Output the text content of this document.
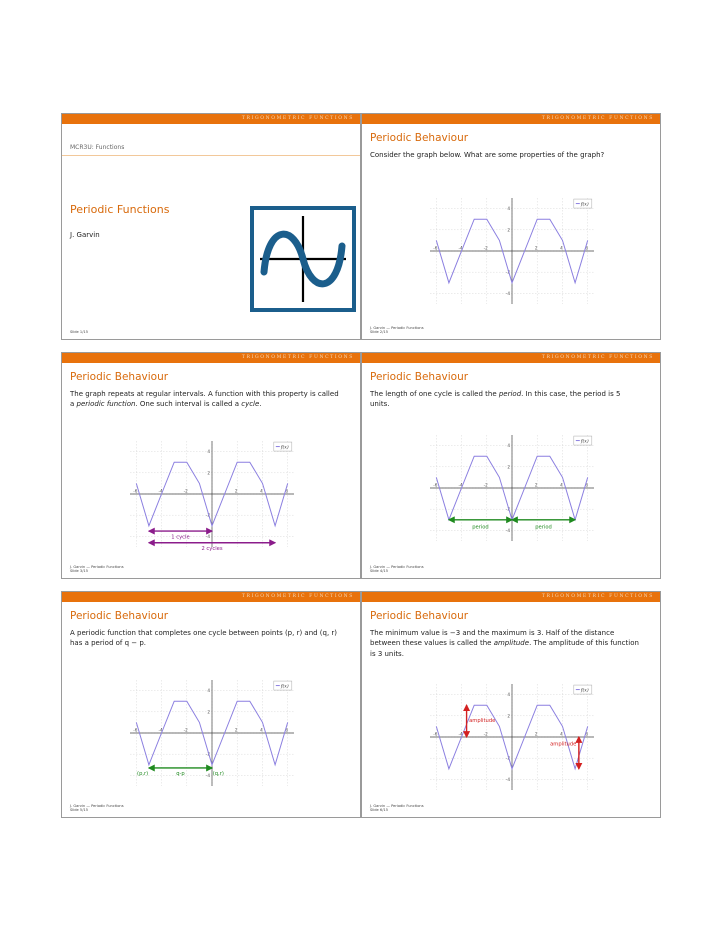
TRIGONOMETRIC FUNCTIONS
MCR3U: Functions
Periodic Functions
J. Garvin
Slide 1/15
TRIGONOMETRIC FUNCTIONS
Periodic Behaviour
Consider the graph below. What are some properties of the graph?
-6	-4	-2	2	4	6
4
2
-2
-4
f(x)
J. Garvin — Periodic Functions
Slide 2/15
TRIGONOMETRIC FUNCTIONS
Periodic Behaviour
The graph repeats at regular intervals. A function with this property is called a periodic function. One such interval is called a cycle.
-6	-4	-2	2	4	6
4
2
-2
-4
f(x)
1 cycle
2 cycles
J. Garvin — Periodic Functions
Slide 3/15
TRIGONOMETRIC FUNCTIONS
Periodic Behaviour
The length of one cycle is called the period. In this case, the period is 5 units.
-6	-4	-2	2	4	6
4
2
-2
-4
f(x)
period	period
J. Garvin — Periodic Functions
Slide 4/15
TRIGONOMETRIC FUNCTIONS
Periodic Behaviour
A periodic function that completes one cycle between points (p, r) and (q, r) has a period of q − p.
-6	-4	-2	2	4	6
4
2
-2
-4
f(x)
(p,r)	q-p	(q,r)
J. Garvin — Periodic Functions
Slide 5/15
TRIGONOMETRIC FUNCTIONS
Periodic Behaviour
The minimum value is −3 and the maximum is 3. Half of the distance between these values is called the amplitude. The amplitude of this function is 3 units.
-6	-4	-2	2	4	6
4
2
-2
-4
f(x)
amplitude
amplitude
J. Garvin — Periodic Functions
Slide 6/15
